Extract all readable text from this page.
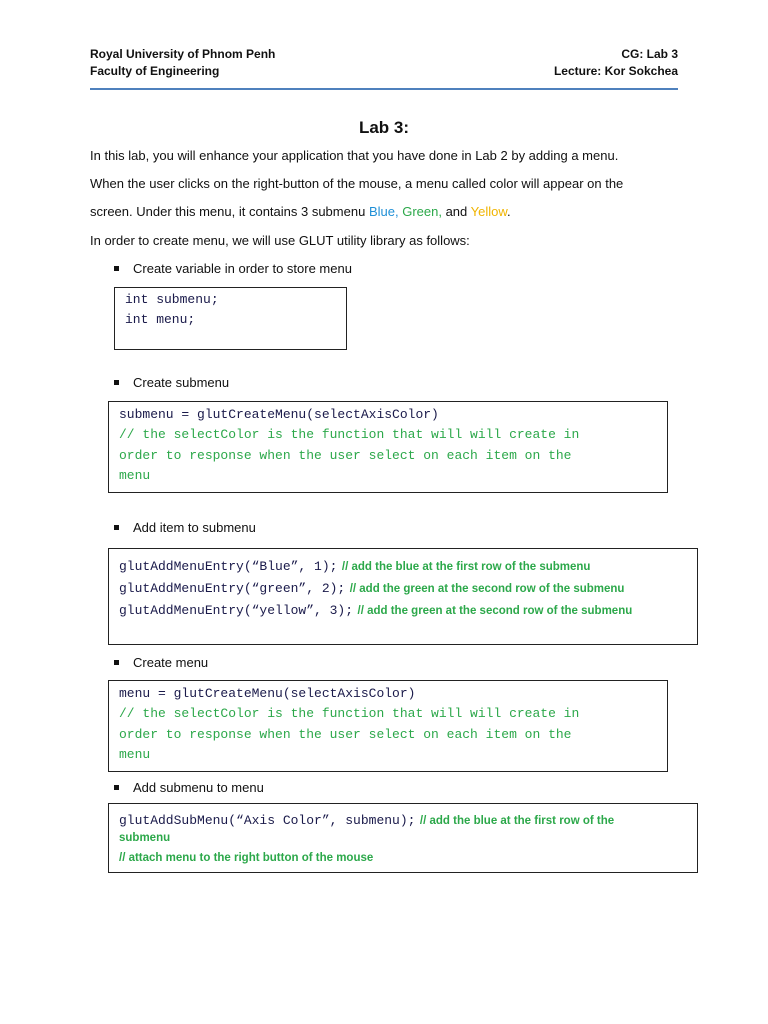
Royal University of Phnom Penh
Faculty of Engineering
CG: Lab 3
Lecture: Kor Sokchea
Lab 3:
In this lab, you will enhance your application that you have done in Lab 2 by adding a menu.
When the user clicks on the right-button of the mouse, a menu called color will appear on the
screen. Under this menu, it contains 3 submenu Blue, Green, and Yellow.
In order to create menu, we will use GLUT utility library as follows:
Create variable in order to store menu
int submenu;
int menu;
Create submenu
submenu = glutCreateMenu(selectAxisColor)
// the selectColor is the function that will will create in
order to response when the user select on each item on the
menu
Add item to submenu
glutAddMenuEntry(“Blue”, 1); // add the blue at the first row of the submenu
glutAddMenuEntry(“green”, 2); // add the green at the second row of the submenu
glutAddMenuEntry(“yellow”, 3); // add the green at the second row of the submenu
Create menu
menu = glutCreateMenu(selectAxisColor)
// the selectColor is the function that will will create in
order to response when the user select on each item on the
menu
Add submenu to menu
glutAddSubMenu(“Axis Color”, submenu); // add the blue at the first row of the
submenu
// attach menu to the right button of the mouse
